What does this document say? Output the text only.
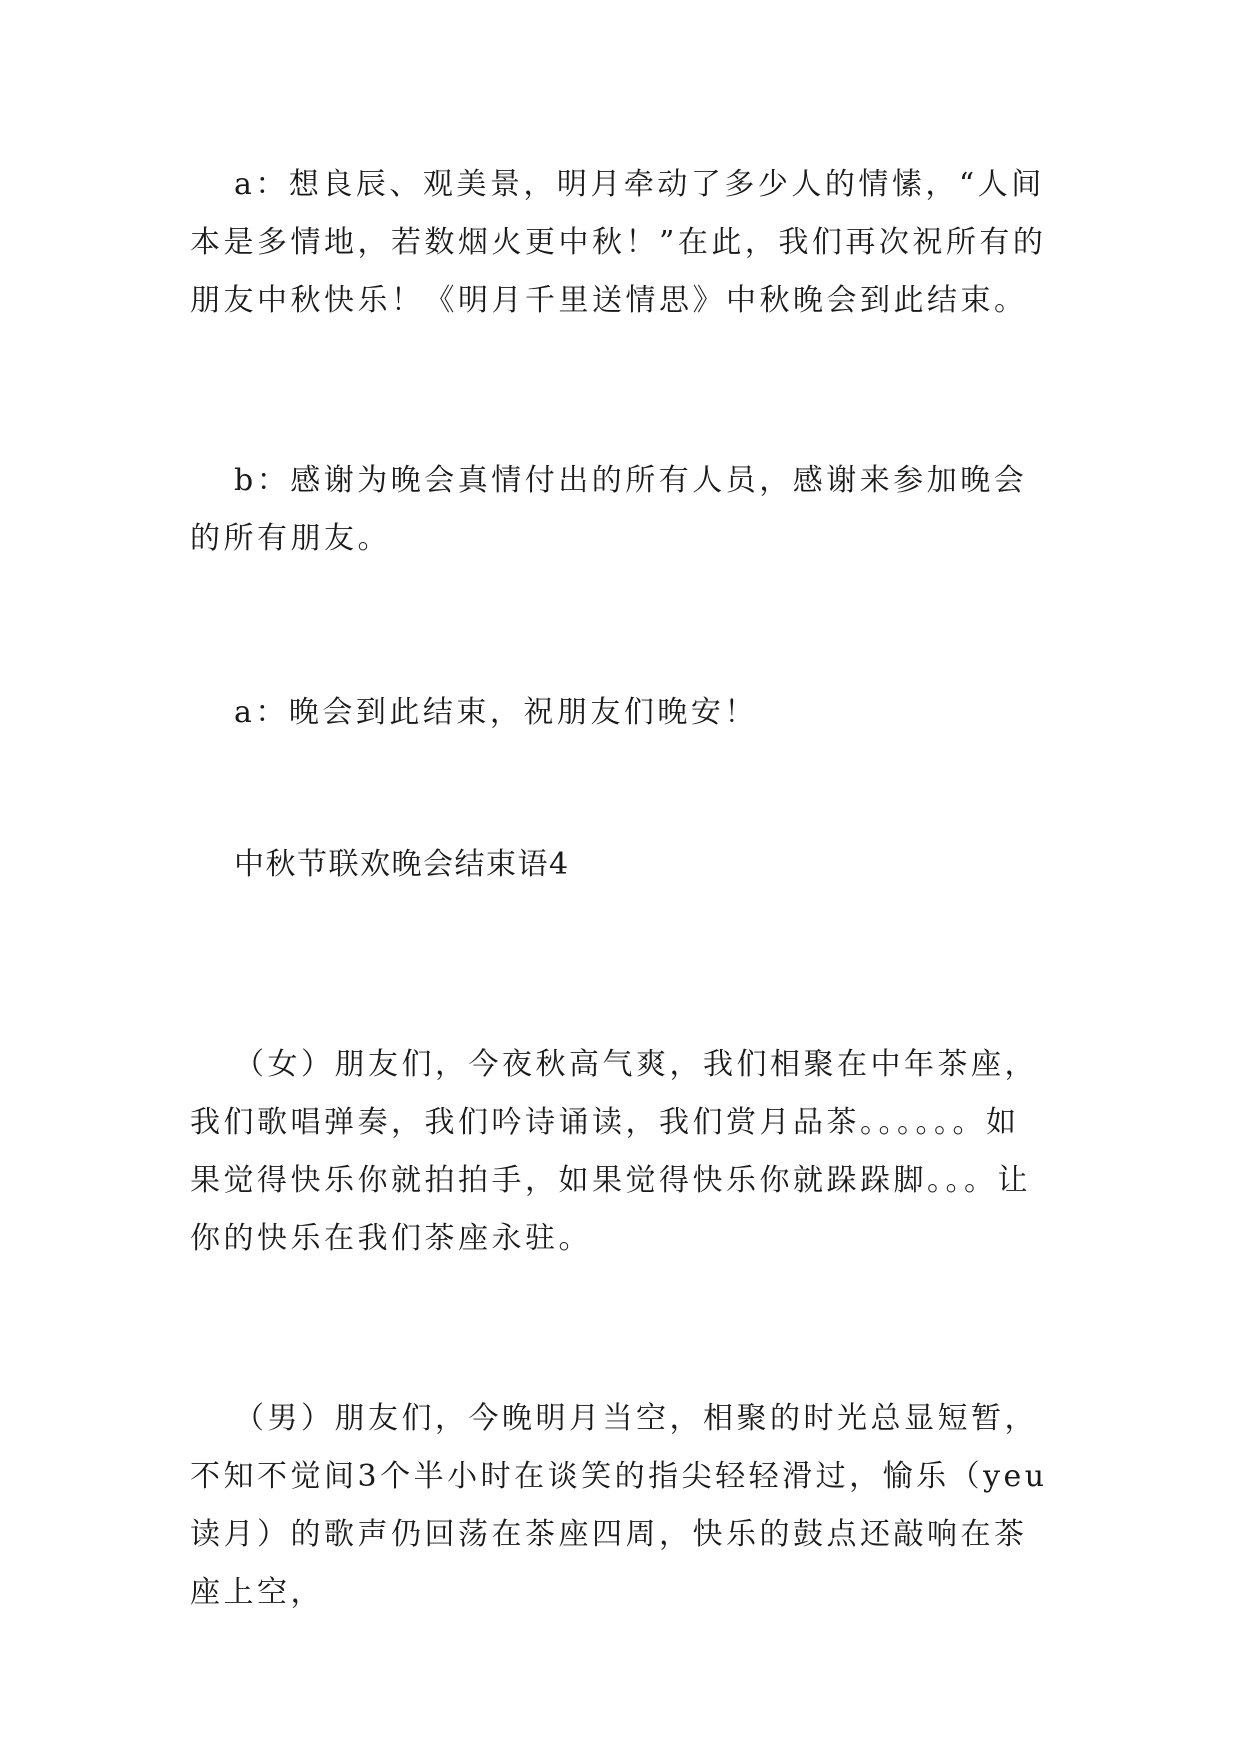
a：想良辰、观美景，明月牵动了多少人的情愫，“人间本是多情地，若数烟火更中秋！”在此，我们再次祝所有的朋友中秋快乐！《明月千里送情思》中秋晚会到此结束。

b：感谢为晚会真情付出的所有人员，感谢来参加晚会的所有朋友。

a：晚会到此结束，祝朋友们晚安！

中秋节联欢晚会结束语4

（女）朋友们，今夜秋高气爽，我们相聚在中年茶座，我们歌唱弹奏，我们吟诗诵读，我们赏月品茶。。。。。。如果觉得快乐你就拍拍手，如果觉得快乐你就跺跺脚。。。让你的快乐在我们茶座永驻。

（男）朋友们，今晚明月当空，相聚的时光总显短暂，不知不觉间3个半小时在谈笑的指尖轻轻滑过，愉乐（yeu读月）的歌声仍回荡在茶座四周，快乐的鼓点还敲响在茶座上空，
